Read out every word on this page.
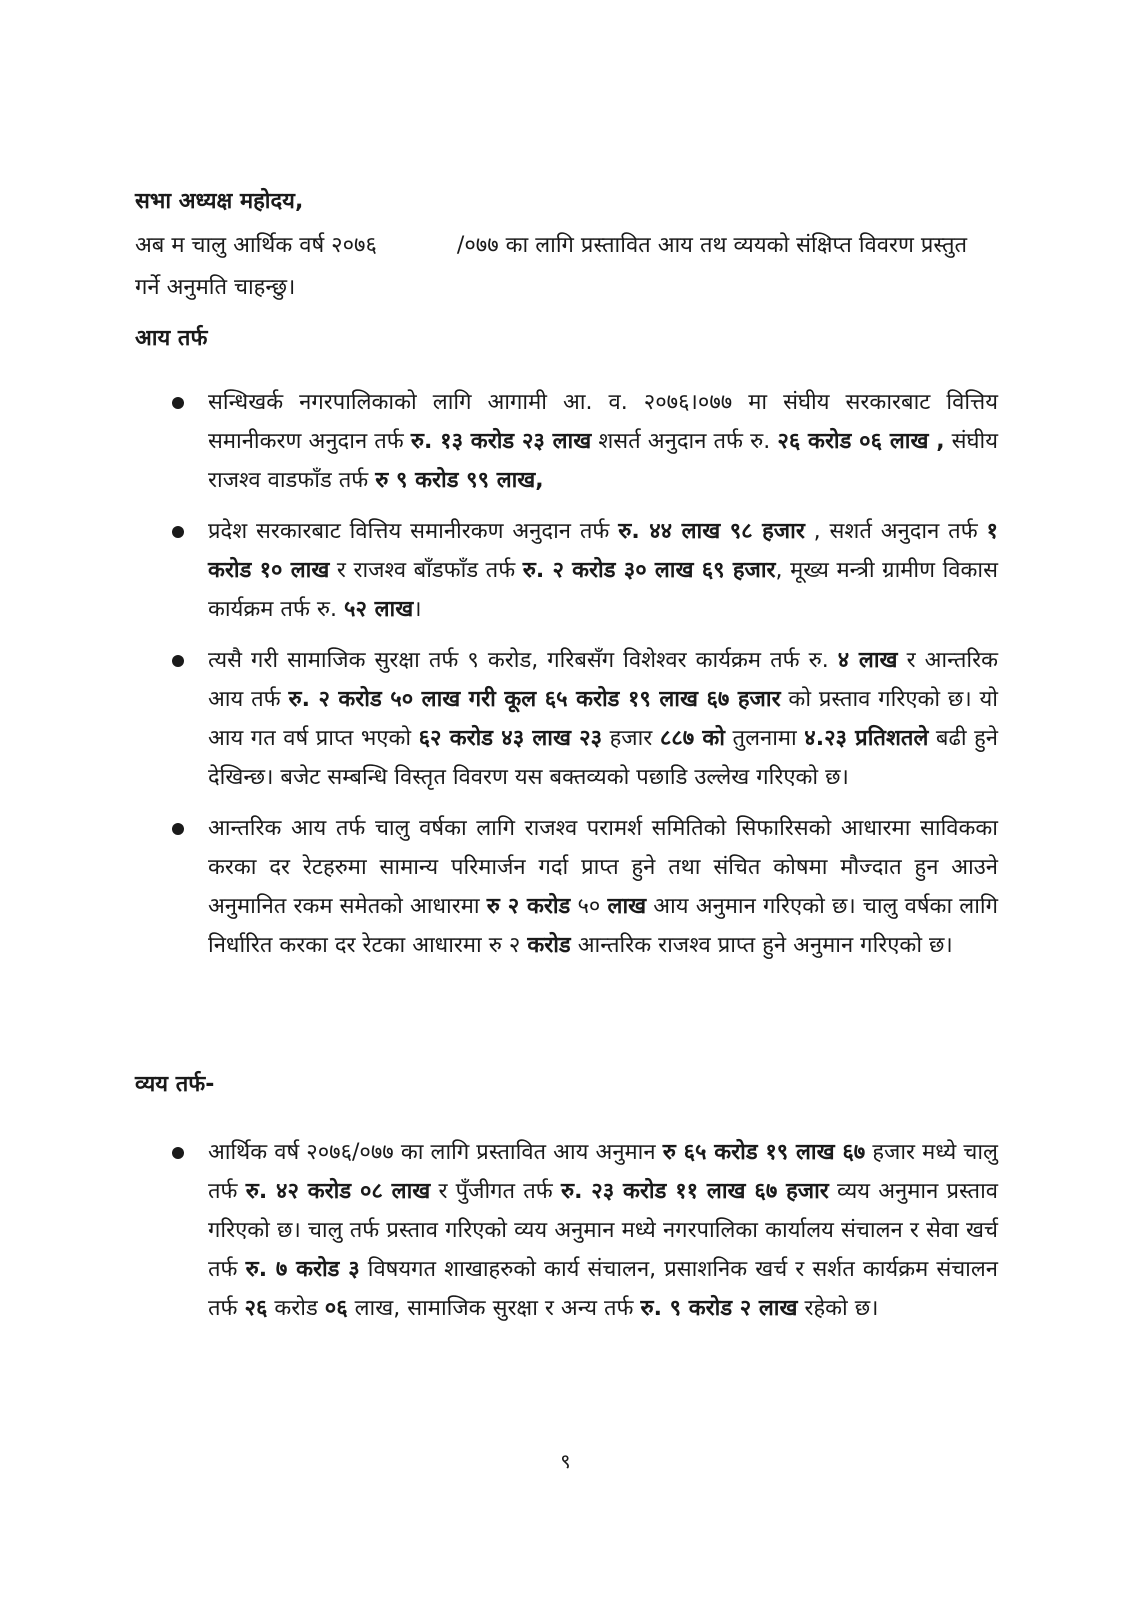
सभा अध्यक्ष महोदय,
अब म चालु आर्थिक वर्ष २०७६	/०७७ का लागि प्रस्तावित आय तथ व्ययको संक्षिप्त विवरण प्रस्तुत गर्ने अनुमति चाहन्छु।
आय तर्फ
सन्धिखर्क नगरपालिकाको लागि आगामी आ. व. २०७६।०७७ मा संघीय सरकारबाट वित्तिय समानीकरण अनुदान तर्फ रु. १३ करोड २३ लाख शसर्त अनुदान तर्फ रु. २६ करोड ०६ लाख , संघीय राजश्व वाडफाँड तर्फ रु ९ करोड ९९ लाख,
प्रदेश सरकारबाट वित्तिय समानीरकण अनुदान तर्फ रु. ४४ लाख ९८ हजार , सशर्त अनुदान तर्फ १ करोड १० लाख र राजश्व बाँडफाँड तर्फ रु. २ करोड ३० लाख ६९ हजार, मूख्य मन्त्री ग्रामीण विकास कार्यक्रम तर्फ रु. ५२ लाख।
त्यसै गरी सामाजिक सुरक्षा तर्फ ९ करोड, गरिबसँग विशेश्वर कार्यक्रम तर्फ रु. ४ लाख र आन्तरिक आय तर्फ रु. २ करोड ५० लाख गरी कूल ६५ करोड १९ लाख ६७ हजार को प्रस्ताव गरिएको छ। यो आय गत वर्ष प्राप्त भएको ६२ करोड ४३ लाख २३ हजार ८८७ को तुलनामा ४.२३ प्रतिशतले बढी हुने देखिन्छ। बजेट सम्बन्धि विस्तृत विवरण यस बक्तव्यको पछाडि उल्लेख गरिएको छ।
आन्तरिक आय तर्फ चालु वर्षका लागि राजश्व परामर्श समितिको सिफारिसको आधारमा साविकका करका दर रेटहरुमा सामान्य परिमार्जन गर्दा प्राप्त हुने तथा संचित कोषमा मौज्दात हुन आउने अनुमानित रकम समेतको आधारमा रु २ करोड ५० लाख आय अनुमान गरिएको छ। चालु वर्षका लागि निर्धारित करका दर रेटका आधारमा रु २ करोड आन्तरिक राजश्व प्राप्त हुने अनुमान गरिएको छ।
व्यय तर्फ-
आर्थिक वर्ष २०७६/०७७ का लागि प्रस्तावित आय अनुमान रु ६५ करोड १९ लाख ६७ हजार मध्ये चालु तर्फ रु. ४२ करोड ०८ लाख र पुँजीगत तर्फ रु. २३ करोड ११ लाख ६७ हजार व्यय अनुमान प्रस्ताव गरिएको छ। चालु तर्फ प्रस्ताव गरिएको व्यय अनुमान मध्ये नगरपालिका कार्यालय संचालन र सेवा खर्च तर्फ रु. ७ करोड ३ विषयगत शाखाहरुको कार्य संचालन, प्रसाशनिक खर्च र सर्शत कार्यक्रम संचालन तर्फ २६ करोड ०६ लाख, सामाजिक सुरक्षा र अन्य तर्फ रु. ९ करोड २ लाख रहेको छ।
९
